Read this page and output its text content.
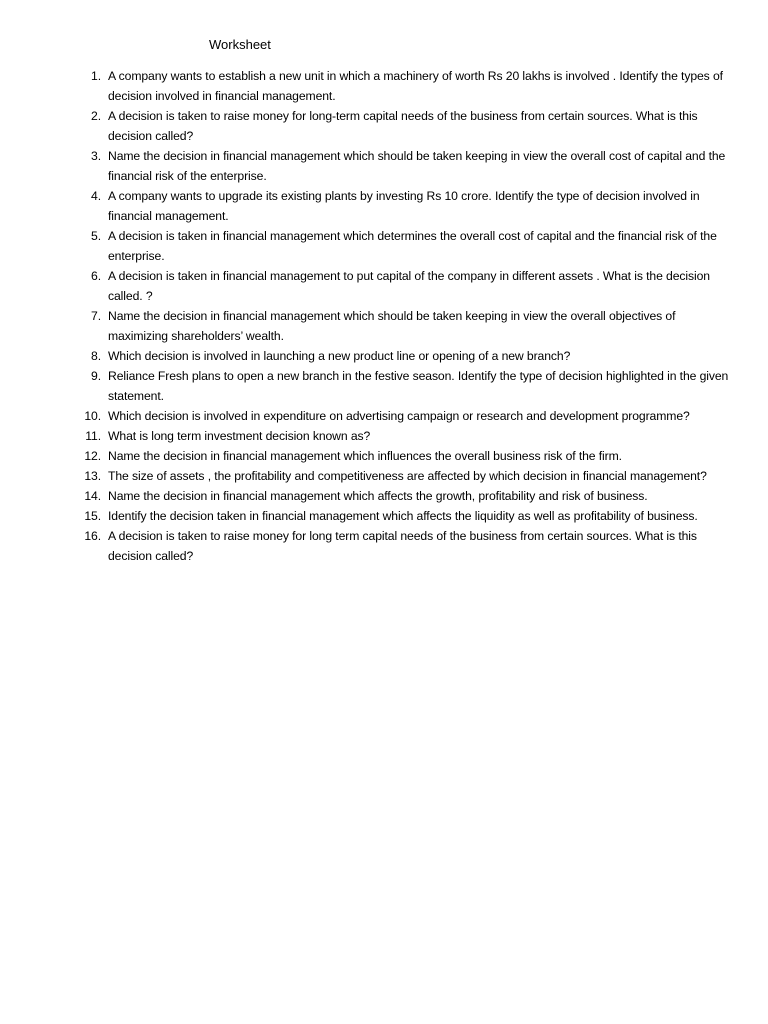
Worksheet
1. A company wants to establish a new unit in which a machinery of worth Rs 20 lakhs is involved . Identify the types of decision involved in financial management.
2. A decision is taken to raise money for long-term capital needs of the business from certain sources. What is this decision called?
3. Name the decision in financial management which should be taken keeping in view the overall cost of capital and the financial risk of the enterprise.
4. A company wants to upgrade its existing plants by investing Rs 10 crore. Identify the type of decision involved in financial management.
5. A decision is taken in financial management which determines the overall cost of capital and the financial risk of the enterprise.
6. A decision is taken in financial management to put capital of the company in different assets . What is the decision called. ?
7. Name the decision in financial management which should be taken keeping in view the overall objectives of maximizing shareholders’ wealth.
8. Which decision is involved in launching a new product line or opening of a new branch?
9. Reliance Fresh plans to open a new branch in the festive season. Identify the type of decision highlighted in the given statement.
10. Which decision is involved in expenditure on advertising campaign or research and development programme?
11. What is long term investment decision known as?
12. Name the decision in financial management which influences the overall business risk of the firm.
13. The size of assets , the profitability and competitiveness are affected by which decision in financial management?
14. Name the decision in financial management which affects the growth, profitability and risk of business.
15. Identify the decision taken in financial management which affects the liquidity as well as profitability of business.
16. A decision is taken to raise money for long term capital needs of the business from certain sources. What is this decision called?
